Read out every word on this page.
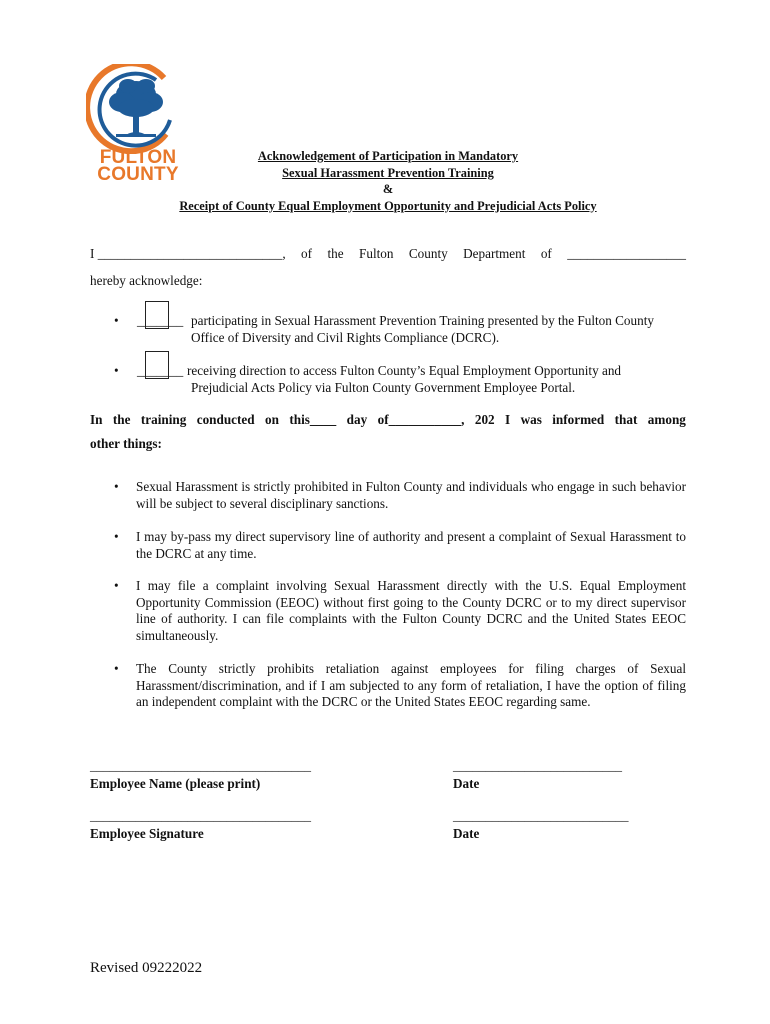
FULTON
COUNTY
Acknowledgement of Participation in Mandatory
Sexual Harassment Prevention Training
&
Receipt of County Equal Employment Opportunity and Prejudicial Acts Policy
I ____________________________, of the Fulton County Department of __________________
hereby acknowledge:
• _______ participating in Sexual Harassment Prevention Training presented by the Fulton County
Office of Diversity and Civil Rights Compliance (DCRC).
• _______ receiving direction to access Fulton County’s Equal Employment Opportunity and
Prejudicial Acts Policy via Fulton County Government Employee Portal.
In the training conducted on this____ day of___________, 202 I was informed that among
other things:
• Sexual Harassment is strictly prohibited in Fulton County and individuals who engage in such behavior will be subject to several disciplinary sanctions.
• I may by-pass my direct supervisory line of authority and present a complaint of Sexual Harassment to the DCRC at any time.
• I may file a complaint involving Sexual Harassment directly with the U.S. Equal Employment Opportunity Commission (EEOC) without first going to the County DCRC or to my direct supervisor line of authority. I can file complaints with the Fulton County DCRC and the United States EEOC simultaneously.
• The County strictly prohibits retaliation against employees for filing charges of Sexual Harassment/discrimination, and if I am subjected to any form of retaliation, I have the option of filing an independent complaint with the DCRC or the United States EEOC regarding same.
__________________________________
Employee Name (please print)
__________________________
Date
__________________________________
Employee Signature
___________________________
Date
Revised 09222022
